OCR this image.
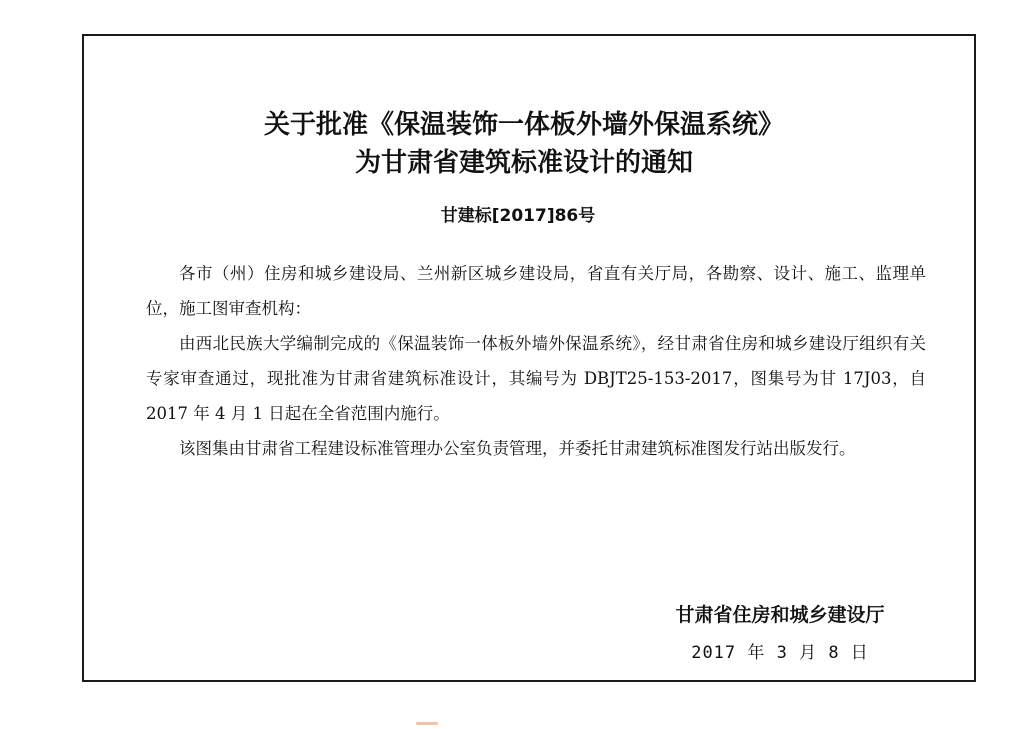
关于批准《保温装饰一体板外墙外保温系统》
为甘肃省建筑标准设计的通知
甘建标[2017]86号

各市（州）住房和城乡建设局、兰州新区城乡建设局，省直有关厅局，各勘察、设计、施工、监理单位，施工图审查机构：

由西北民族大学编制完成的《保温装饰一体板外墙外保温系统》，经甘肃省住房和城乡建设厅组织有关专家审查通过，现批准为甘肃省建筑标准设计，其编号为 DBJT25-153-2017，图集号为甘 17J03，自 2017 年 4 月 1 日起在全省范围内施行。

该图集由甘肃省工程建设标准管理办公室负责管理，并委托甘肃建筑标准图发行站出版发行。

甘肃省住房和城乡建设厅
2017 年 3 月 8 日
